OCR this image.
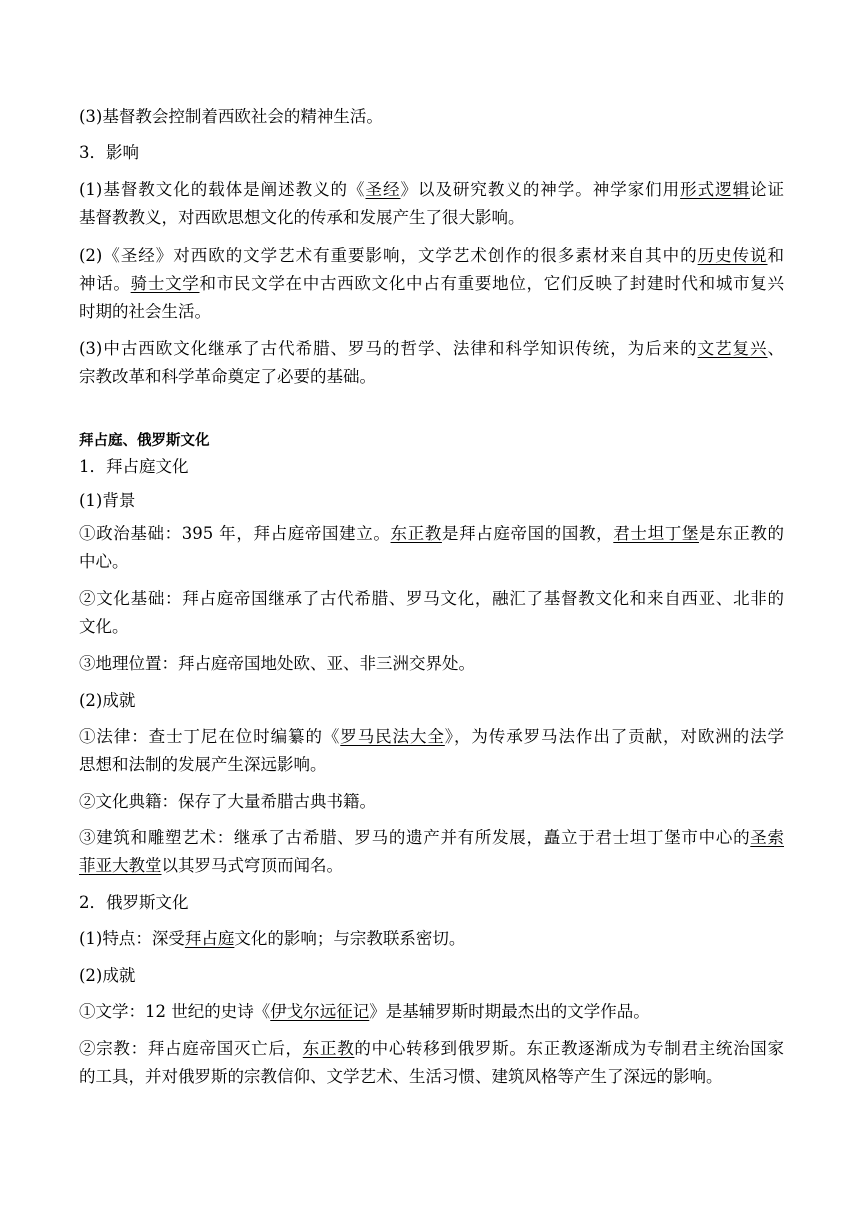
(3)基督教会控制着西欧社会的精神生活。
3．影响
(1)基督教文化的载体是阐述教义的《圣经》以及研究教义的神学。神学家们用形式逻辑论证
基督教教义，对西欧思想文化的传承和发展产生了很大影响。
(2)《圣经》对西欧的文学艺术有重要影响，文学艺术创作的很多素材来自其中的历史传说和
神话。骑士文学和市民文学在中古西欧文化中占有重要地位，它们反映了封建时代和城市复兴
时期的社会生活。
(3)中古西欧文化继承了古代希腊、罗马的哲学、法律和科学知识传统，为后来的文艺复兴、
宗教改革和科学革命奠定了必要的基础。
拜占庭、俄罗斯文化
1．拜占庭文化
(1)背景
①政治基础：395 年，拜占庭帝国建立。东正教是拜占庭帝国的国教，君士坦丁堡是东正教的
中心。
②文化基础：拜占庭帝国继承了古代希腊、罗马文化，融汇了基督教文化和来自西亚、北非的
文化。
③地理位置：拜占庭帝国地处欧、亚、非三洲交界处。
(2)成就
①法律：查士丁尼在位时编纂的《罗马民法大全》，为传承罗马法作出了贡献，对欧洲的法学
思想和法制的发展产生深远影响。
②文化典籍：保存了大量希腊古典书籍。
③建筑和雕塑艺术：继承了古希腊、罗马的遗产并有所发展，矗立于君士坦丁堡市中心的圣索
菲亚大教堂以其罗马式穹顶而闻名。
2．俄罗斯文化
(1)特点：深受拜占庭文化的影响；与宗教联系密切。
(2)成就
①文学：12 世纪的史诗《伊戈尔远征记》是基辅罗斯时期最杰出的文学作品。
②宗教：拜占庭帝国灭亡后，东正教的中心转移到俄罗斯。东正教逐渐成为专制君主统治国家
的工具，并对俄罗斯的宗教信仰、文学艺术、生活习惯、建筑风格等产生了深远的影响。
